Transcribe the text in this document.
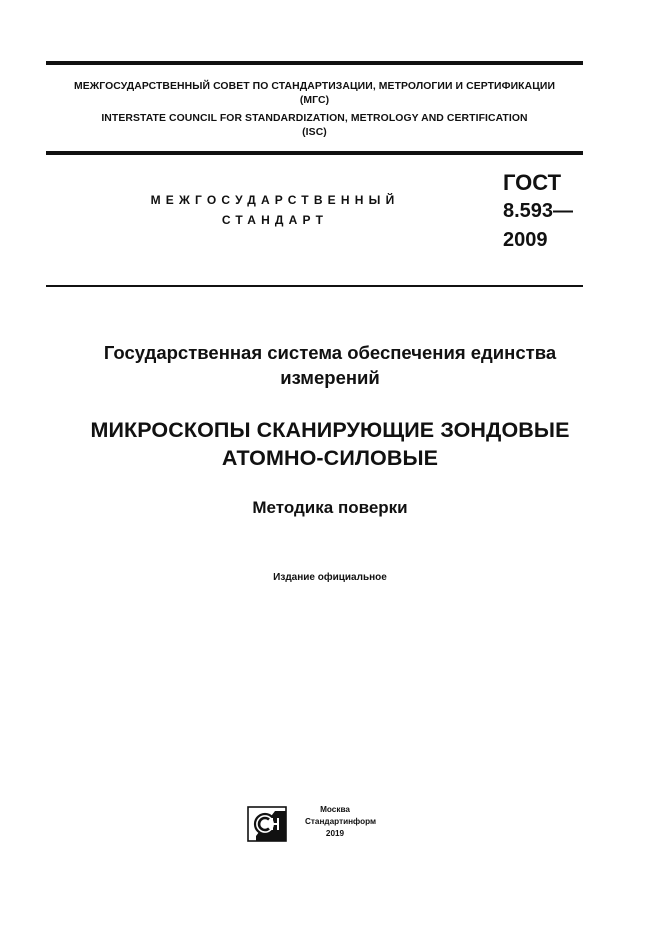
МЕЖГОСУДАРСТВЕННЫЙ СОВЕТ ПО СТАНДАРТИЗАЦИИ, МЕТРОЛОГИИ И СЕРТИФИКАЦИИ
(МГС)
INTERSTATE COUNCIL FOR STANDARDIZATION, METROLOGY AND CERTIFICATION
(ISC)
МЕЖГОСУДАРСТВЕННЫЙ
СТАНДАРТ
ГОСТ
8.593—
2009
Государственная система обеспечения единства
измерений
МИКРОСКОПЫ СКАНИРУЮЩИЕ ЗОНДОВЫЕ
АТОМНО-СИЛОВЫЕ
Методика поверки
Издание официальное
Москва
Стандартинформ
2019
